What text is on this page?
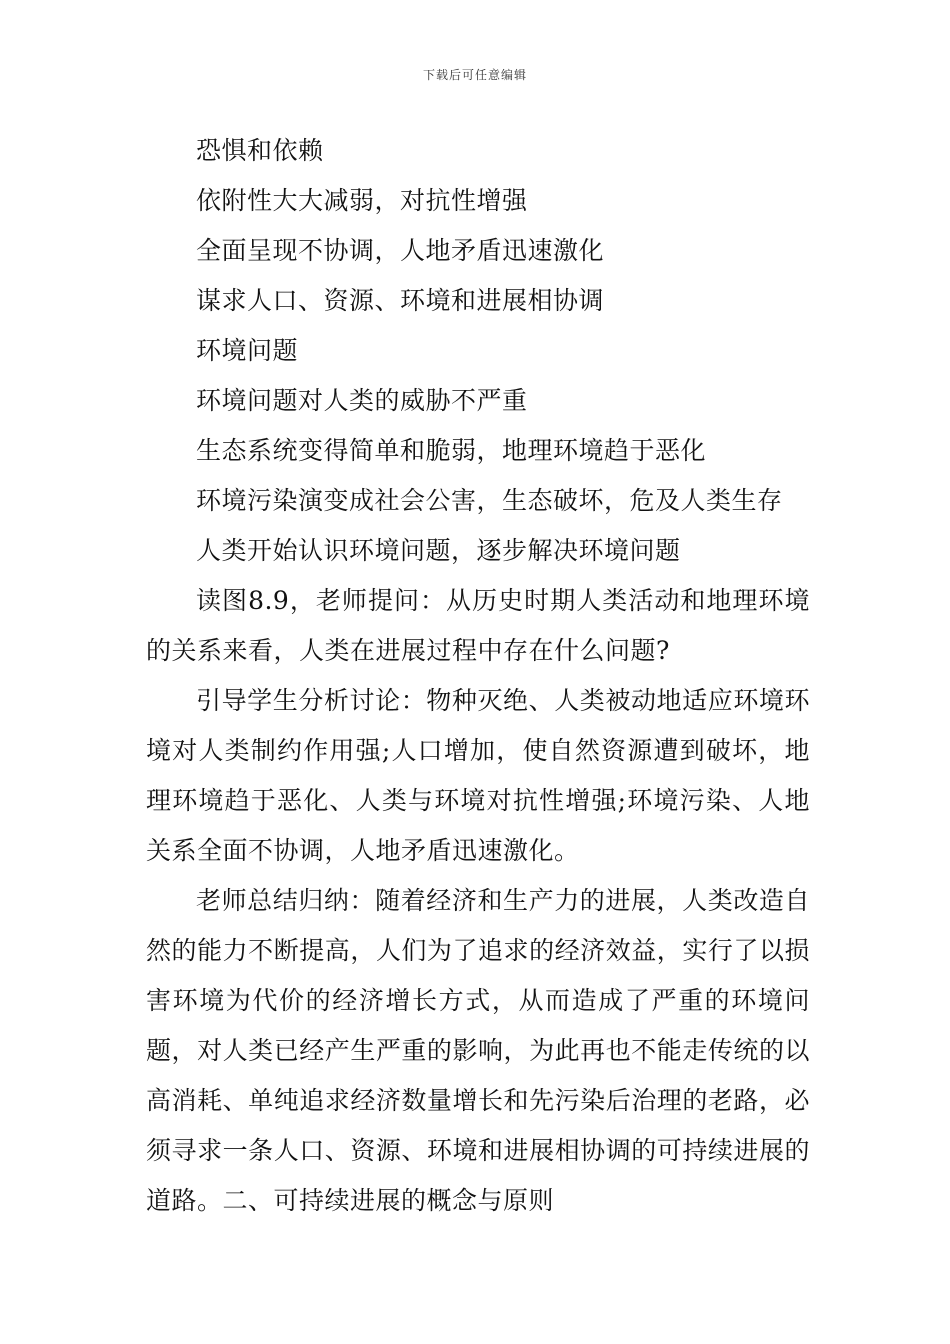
下载后可任意编辑
恐惧和依赖
依附性大大减弱，对抗性增强
全面呈现不协调，人地矛盾迅速激化
谋求人口、资源、环境和进展相协调
环境问题
环境问题对人类的威胁不严重
生态系统变得简单和脆弱，地理环境趋于恶化
环境污染演变成社会公害，生态破坏，危及人类生存
人类开始认识环境问题，逐步解决环境问题

读图8.9，老师提问：从历史时期人类活动和地理环境的关系来看，人类在进展过程中存在什么问题?

引导学生分析讨论：物种灭绝、人类被动地适应环境环境对人类制约作用强;人口增加，使自然资源遭到破坏，地理环境趋于恶化、人类与环境对抗性增强;环境污染、人地关系全面不协调，人地矛盾迅速激化。

老师总结归纳：随着经济和生产力的进展，人类改造自然的能力不断提高，人们为了追求的经济效益，实行了以损害环境为代价的经济增长方式，从而造成了严重的环境问题，对人类已经产生严重的影响，为此再也不能走传统的以高消耗、单纯追求经济数量增长和先污染后治理的老路，必须寻求一条人口、资源、环境和进展相协调的可持续进展的道路。二、可持续进展的概念与原则
